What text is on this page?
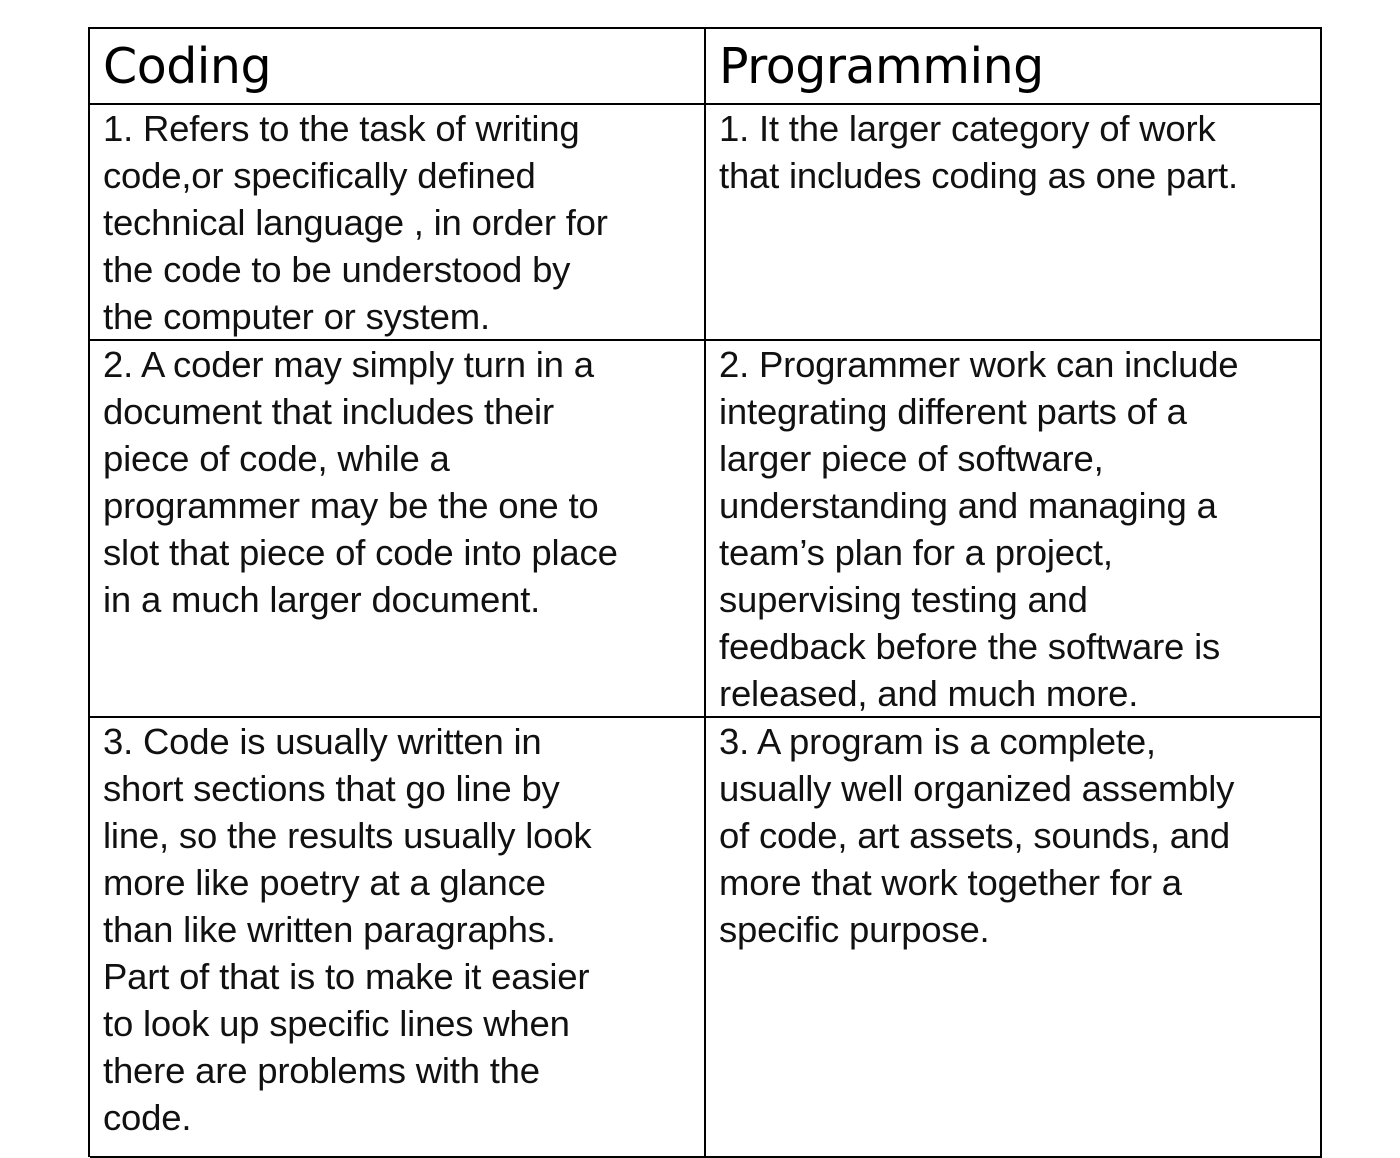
Coding	Programming
1. Refers to the task of writing
code,or specifically defined
technical language , in order for
the code to be understood by
the computer or system.
1. It the larger category of work
that includes coding as one part.
2. A coder may simply turn in a
document that includes their
piece of code, while a
programmer may be the one to
slot that piece of code into place
in a much larger document.
2. Programmer work can include
integrating different parts of a
larger piece of software,
understanding and managing a
team’s plan for a project,
supervising testing and
feedback before the software is
released, and much more.
3. Code is usually written in
short sections that go line by
line, so the results usually look
more like poetry at a glance
than like written paragraphs.
Part of that is to make it easier
to look up specific lines when
there are problems with the
code.
3. A program is a complete,
usually well organized assembly
of code, art assets, sounds, and
more that work together for a
specific purpose.
